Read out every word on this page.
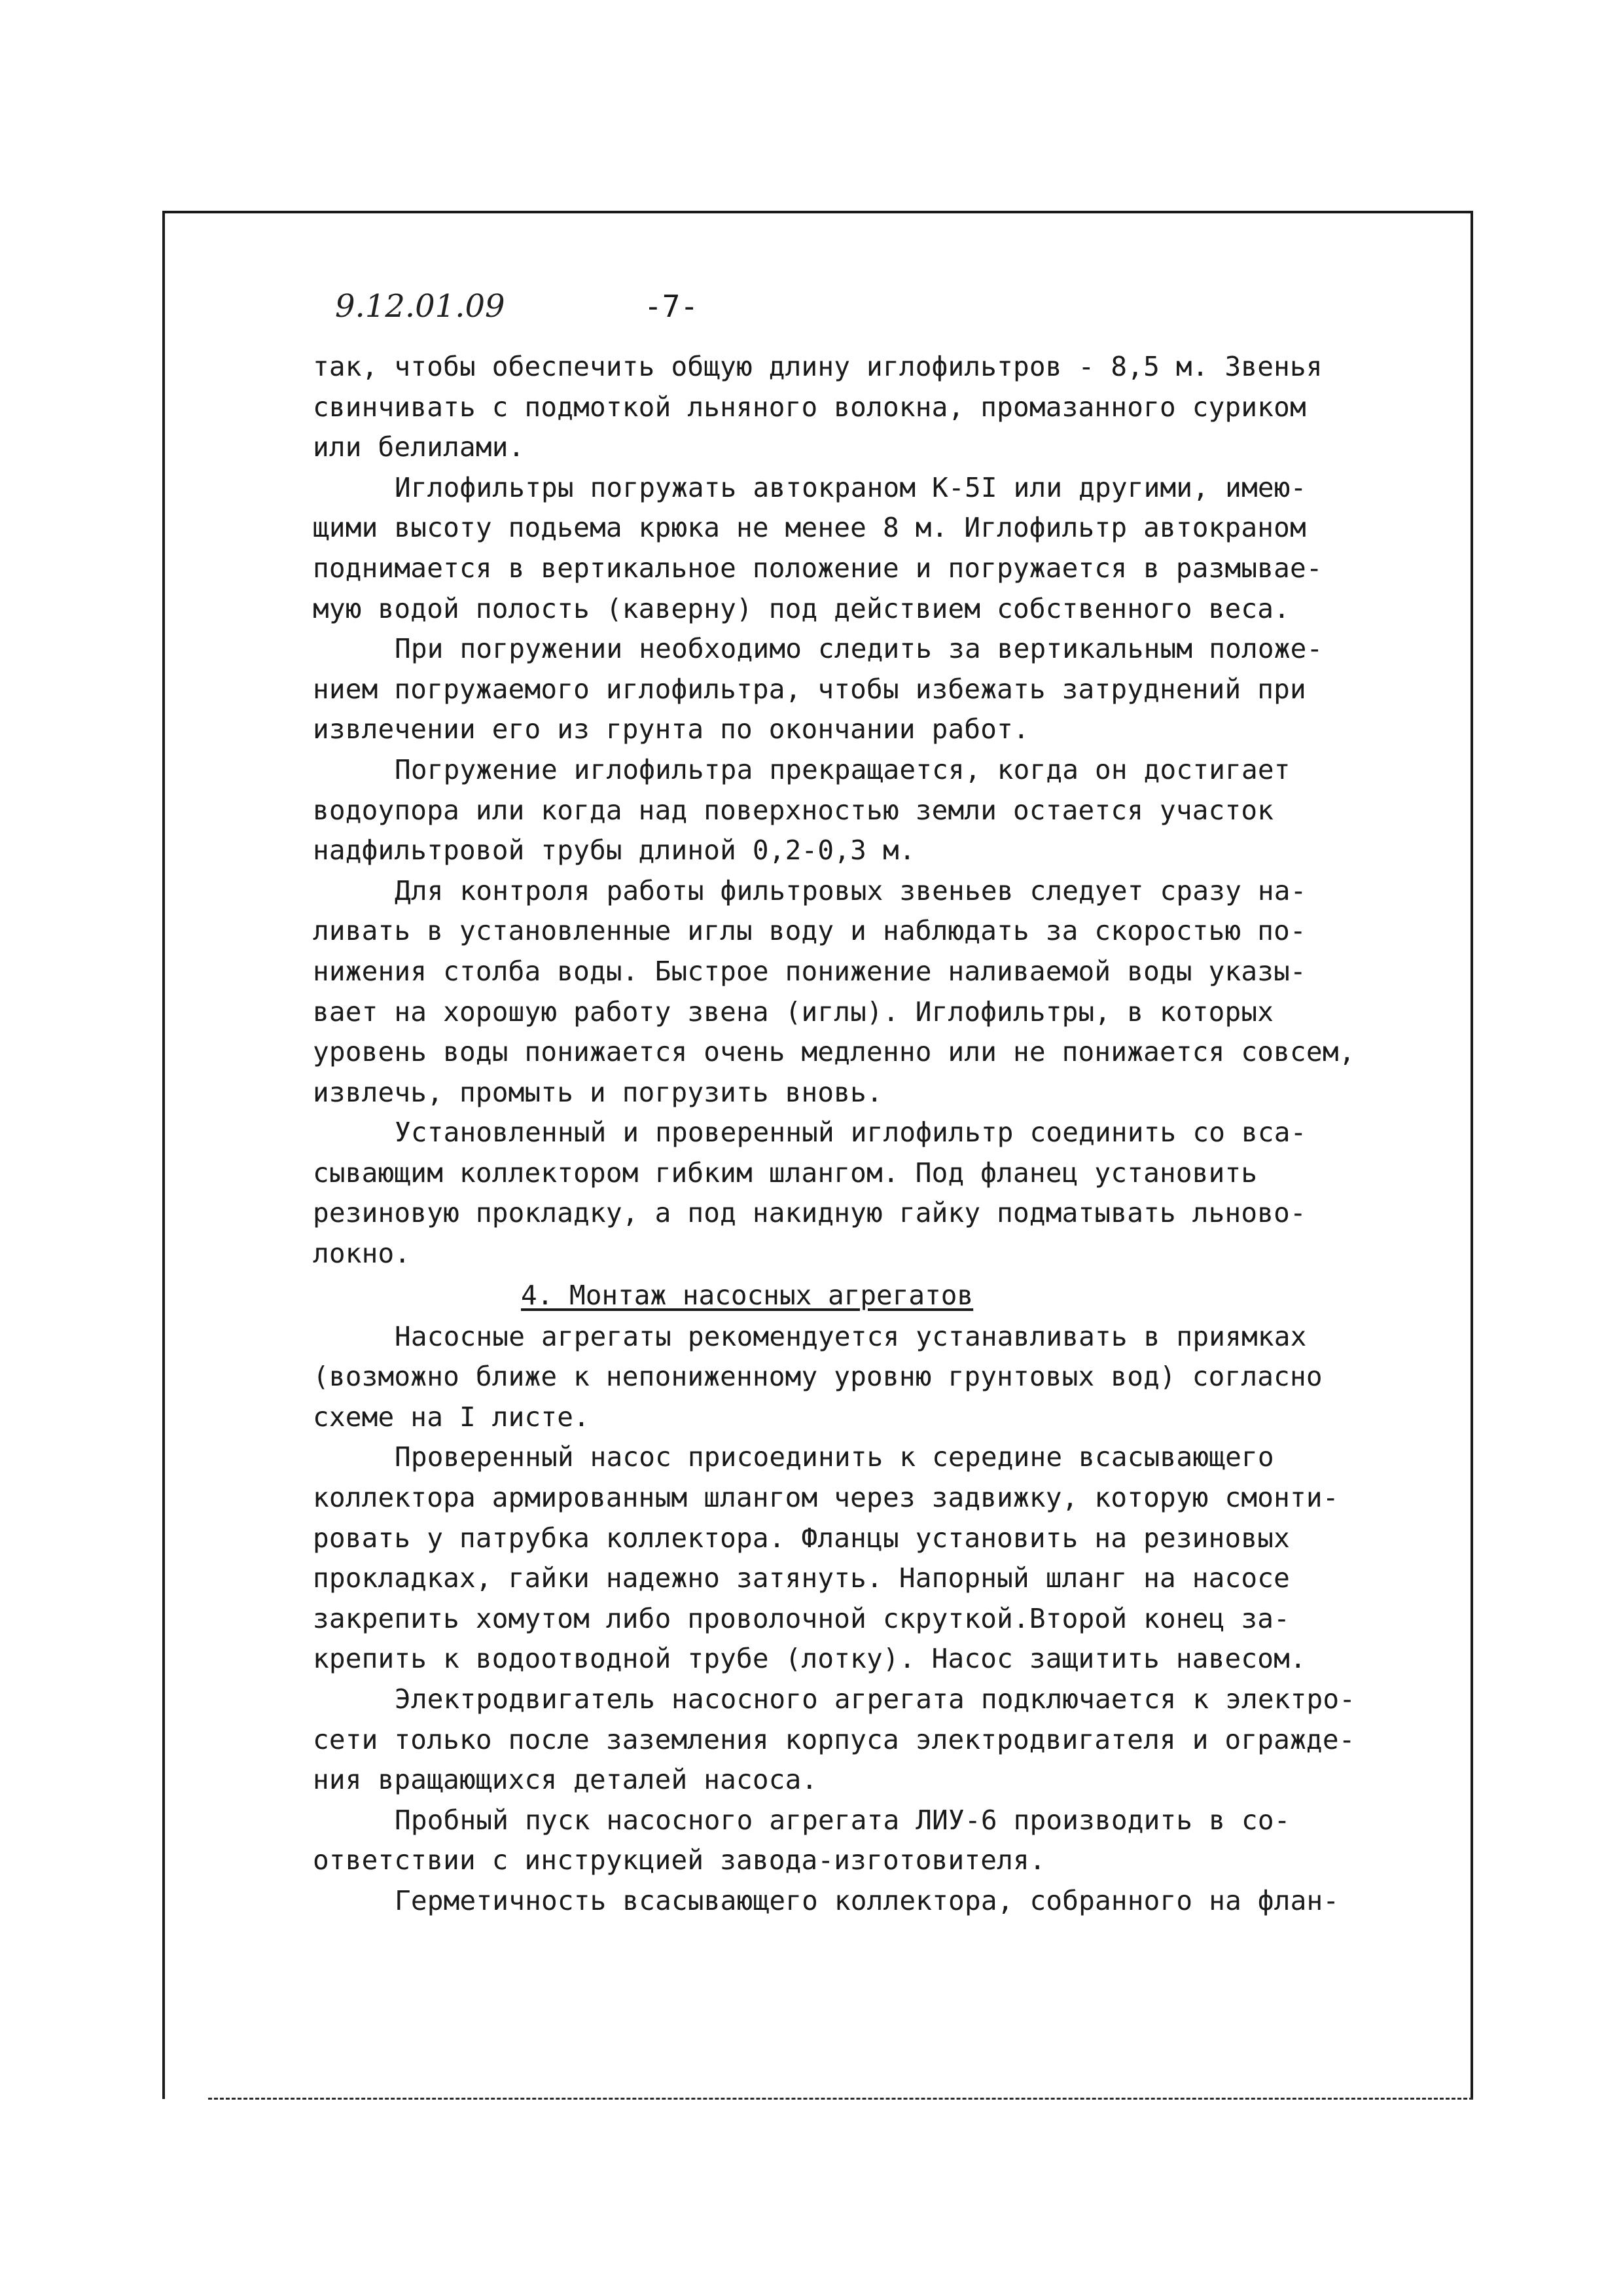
9.12.01.09	-7-

так, чтобы обеспечить общую длину иглофильтров - 8,5 м. Звенья
свинчивать с подмоткой льняного волокна, промазанного суриком
или белилами.

Иглофильтры погружать автокраном К-5I или другими, имею-
щими высоту подьема крюка не менее 8 м. Иглофильтр автокраном
поднимается в вертикальное положение и погружается в размывае-
мую водой полость (каверну) под действием собственного веса.

При погружении необходимо следить за вертикальным положе-
нием погружаемого иглофильтра, чтобы избежать затруднений при
извлечении его из грунта по окончании работ.

Погружение иглофильтра прекращается, когда он достигает
водоупора или когда над поверхностью земли остается участок
надфильтровой трубы длиной 0,2-0,3 м.

Для контроля работы фильтровых звеньев следует сразу на-
ливать в установленные иглы воду и наблюдать за скоростью по-
нижения столба воды. Быстрое понижение наливаемой воды указы-
вает на хорошую работу звена (иглы). Иглофильтры, в которых
уровень воды понижается очень медленно или не понижается совсем,
извлечь, промыть и погрузить вновь.

Установленный и проверенный иглофильтр соединить со вса-
сывающим коллектором гибким шлангом. Под фланец установить
резиновую прокладку, а под накидную гайку подматывать льново-
локно.

4. Монтаж насосных агрегатов

Насосные агрегаты рекомендуется устанавливать в приямках
(возможно ближе к непониженному уровню грунтовых вод) согласно
схеме на I листе.

Проверенный насос присоединить к середине всасывающего
коллектора армированным шлангом через задвижку, которую смонти-
ровать у патрубка коллектора. Фланцы установить на резиновых
прокладках, гайки надежно затянуть. Напорный шланг на насосе
закрепить хомутом либо проволочной скруткой.Второй конец за-
крепить к водоотводной трубе (лотку). Насос защитить навесом.

Электродвигатель насосного агрегата подключается к электро-
сети только после заземления корпуса электродвигателя и огражде-
ния вращающихся деталей насоса.

Пробный пуск насосного агрегата ЛИУ-6 производить в со-
ответствии с инструкцией завода-изготовителя.

Герметичность всасывающего коллектора, собранного на флан-
